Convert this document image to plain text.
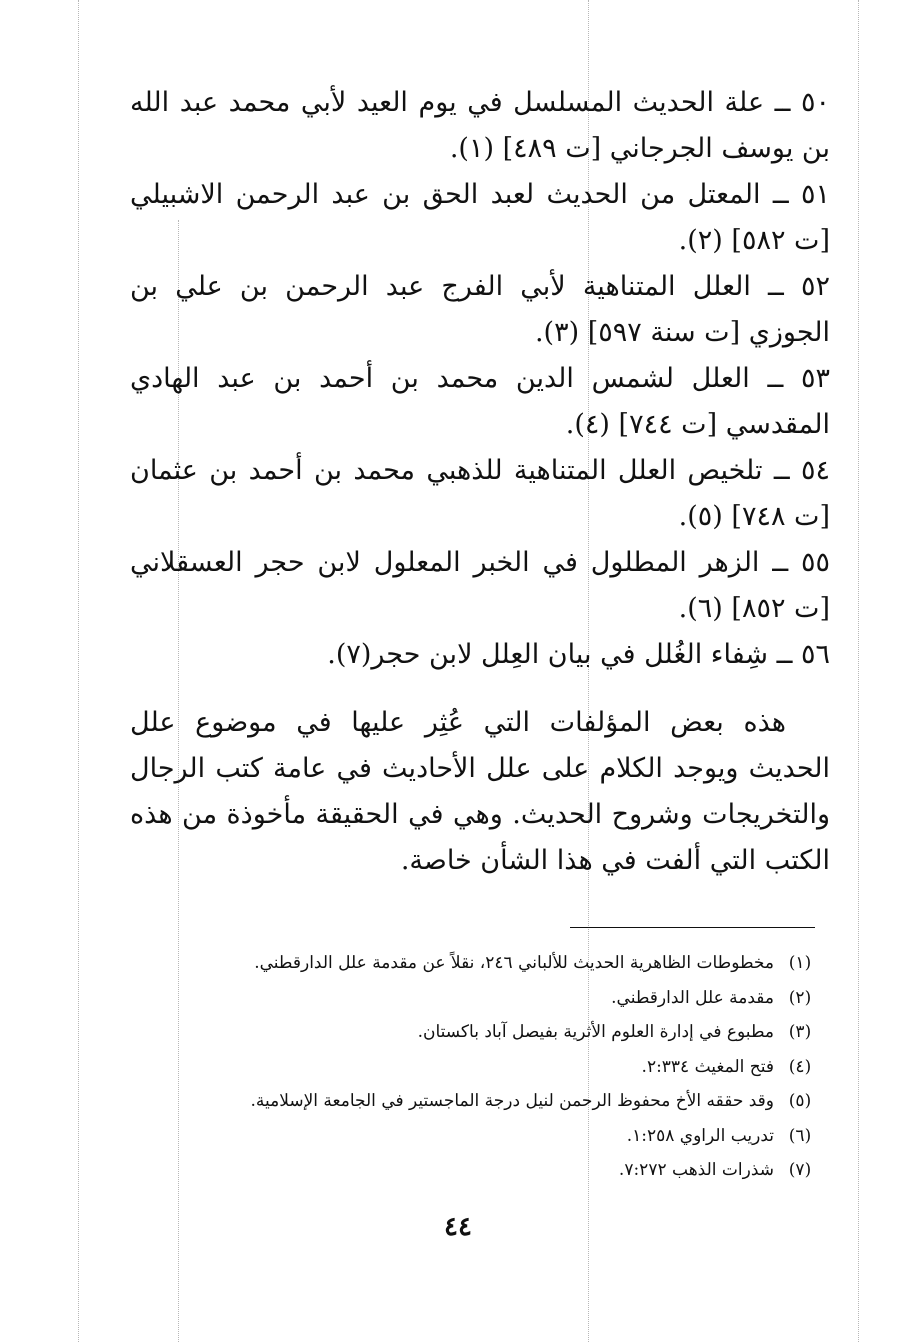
٥٠ ــ علة الحديث المسلسل في يوم العيد لأبي محمد عبد الله بن يوسف الجرجاني [ت ٤٨٩] (١).

٥١ ــ المعتل من الحديث لعبد الحق بن عبد الرحمن الاشبيلي [ت ٥٨٢] (٢).

٥٢ ــ العلل المتناهية لأبي الفرج عبد الرحمن بن علي بن الجوزي [ت سنة ٥٩٧] (٣).

٥٣ ــ العلل لشمس الدين محمد بن أحمد بن عبد الهادي المقدسي [ت ٧٤٤] (٤).

٥٤ ــ تلخيص العلل المتناهية للذهبي محمد بن أحمد بن عثمان [ت ٧٤٨] (٥).

٥٥ ــ الزهر المطلول في الخبر المعلول لابن حجر العسقلاني [ت ٨٥٢] (٦).

٥٦ ــ شِفاء الغُلل في بيان العِلل لابن حجر(٧).

هذه بعض المؤلفات التي عُثِر عليها في موضوع علل الحديث ويوجد الكلام على علل الأحاديث في عامة كتب الرجال والتخريجات وشروح الحديث. وهي في الحقيقة مأخوذة من هذه الكتب التي ألفت في هذا الشأن خاصة.

(١)مخطوطات الظاهرية الحديث للألباني ٢٤٦، نقلاً عن مقدمة علل الدارقطني.
(٢)مقدمة علل الدارقطني.
(٣)مطبوع في إدارة العلوم الأثرية بفيصل آباد باكستان.
(٤)فتح المغيث ٢:٣٣٤.
(٥)وقد حققه الأخ محفوظ الرحمن لنيل درجة الماجستير في الجامعة الإسلامية.
(٦)تدريب الراوي ١:٢٥٨.
(٧)شذرات الذهب ٧:٢٧٢.
٤٤
